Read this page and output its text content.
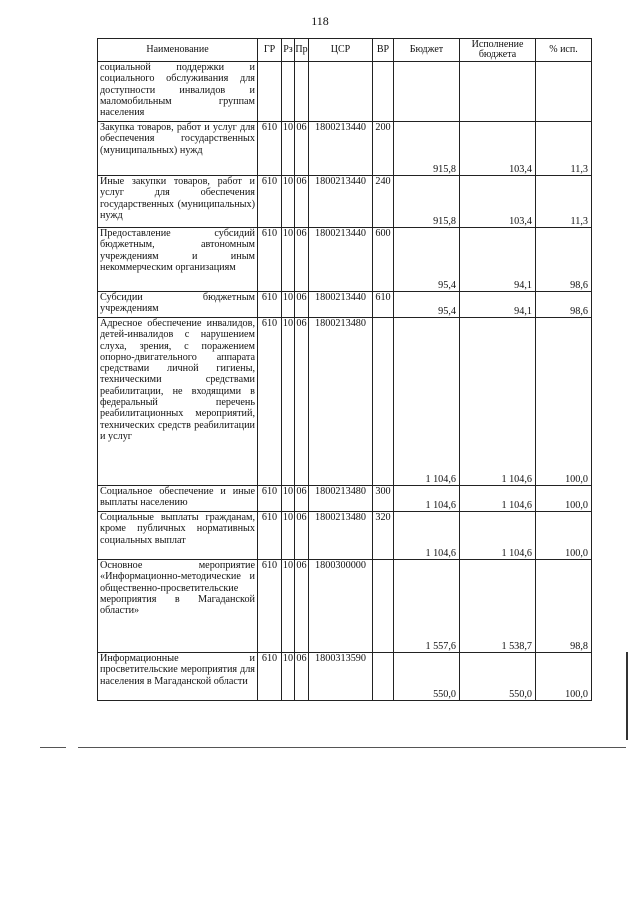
118
Наименование	ГР	Рз	Пр	ЦСР	ВР	Бюджет	Исполнение бюджета	% исп.
социальной поддержки и социального обслуживания для доступности инвалидов и маломобильным группам населения								
Закупка товаров, работ и услуг для обеспечения государственных (муниципальных) нужд	610	10	06	1800213440	200	915,8	103,4	11,3
Иные закупки товаров, работ и услуг для обеспечения государственных (муниципальных) нужд	610	10	06	1800213440	240	915,8	103,4	11,3
Предоставление субсидий бюджетным, автономным учреждениям и иным некоммерческим организациям	610	10	06	1800213440	600	95,4	94,1	98,6
Субсидии бюджетным учреждениям	610	10	06	1800213440	610	95,4	94,1	98,6
Адресное обеспечение инвалидов, детей-инвалидов с нарушением слуха, зрения, с поражением опорно-двигательного аппарата средствами личной гигиены, техническими средствами реабилитации, не входящими в федеральный перечень реабилитационных мероприятий, технических средств реабилитации и услуг	610	10	06	1800213480		1 104,6	1 104,6	100,0
Социальное обеспечение и иные выплаты населению	610	10	06	1800213480	300	1 104,6	1 104,6	100,0
Социальные выплаты гражданам, кроме публичных нормативных социальных выплат	610	10	06	1800213480	320	1 104,6	1 104,6	100,0
Основное мероприятие «Информационно-методические и общественно-просветительские мероприятия в Магаданской области»	610	10	06	1800300000		1 557,6	1 538,7	98,8
Информационные и просветительские мероприятия для населения в Магаданской области	610	10	06	1800313590		550,0	550,0	100,0
